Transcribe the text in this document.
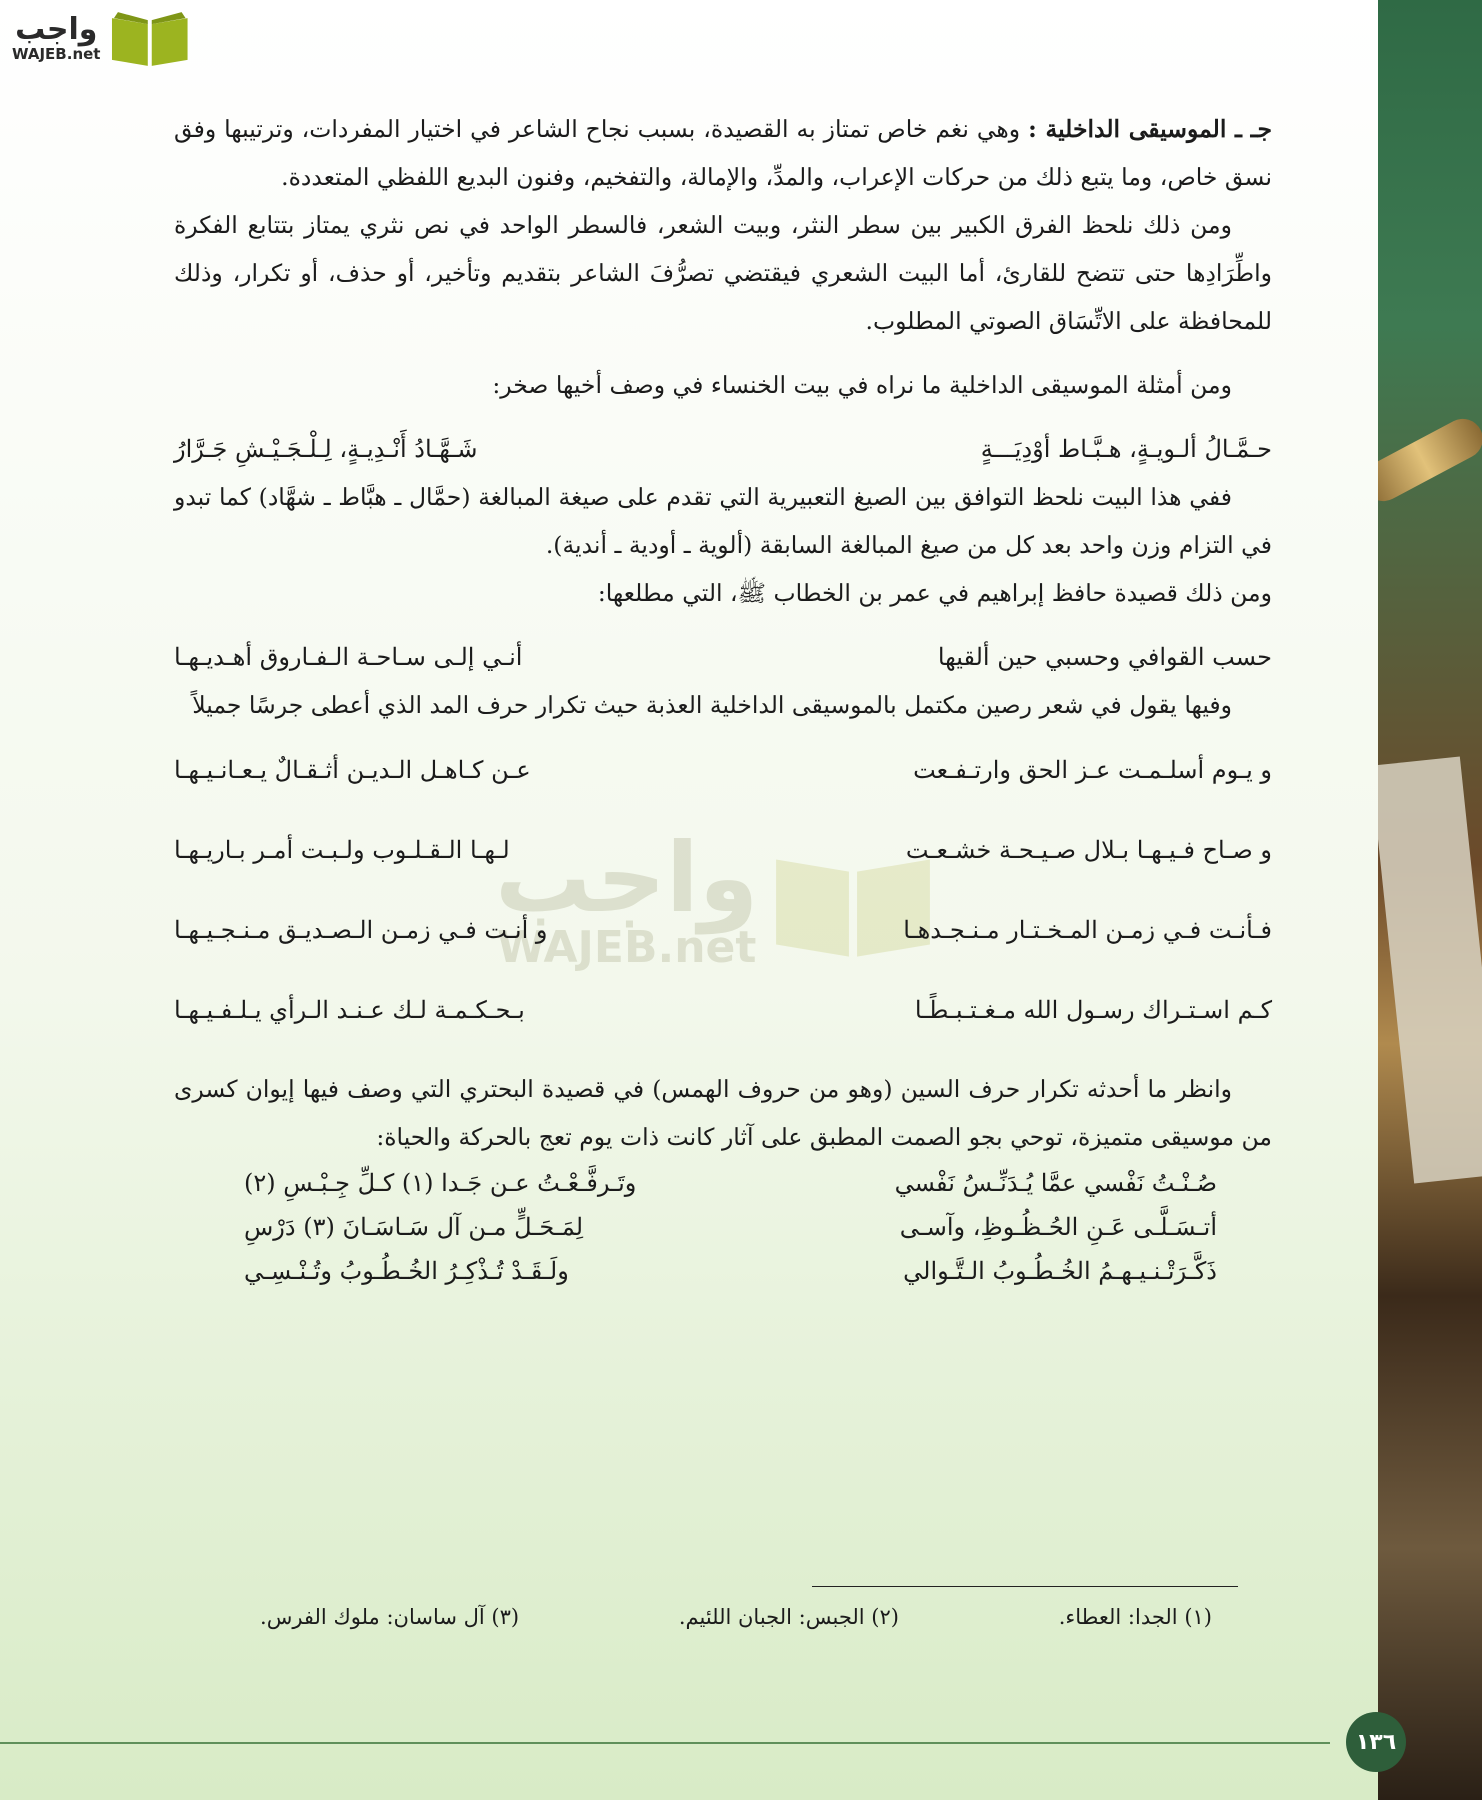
واجب
WAJEB.net
واجب
WAJEB.net

جـ ـ الموسيقى الداخلية : وهي نغم خاص تمتاز به القصيدة، بسبب نجاح الشاعر في اختيار المفردات، وترتيبها وفق نسق خاص، وما يتبع ذلك من حركات الإعراب، والمدِّ، والإمالة، والتفخيم، وفنون البديع اللفظي المتعددة.

ومن ذلك نلحظ الفرق الكبير بين سطر النثر، وبيت الشعر، فالسطر الواحد في نص نثري يمتاز بتتابع الفكرة واطِّرَادِها حتى تتضح للقارئ، أما البيت الشعري فيقتضي تصرُّفَ الشاعر بتقديم وتأخير، أو حذف، أو تكرار، وذلك للمحافظة على الاتِّسَاق الصوتي المطلوب.

ومن أمثلة الموسيقى الداخلية ما نراه في بيت الخنساء في وصف أخيها صخر:

حـمَّـالُ ألـويـةٍ، هـبَّـاط أوْدِيَـــةٍ
شَـهَّـادُ أَنْـدِيـةٍ، لِـلْـجَـيْـشِ جَـرَّارُ

ففي هذا البيت نلحظ التوافق بين الصيغ التعبيرية التي تقدم على صيغة المبالغة (حمَّال ـ هبَّاط ـ شهَّاد) كما تبدو في التزام وزن واحد بعد كل من صيغ المبالغة السابقة (ألوية ـ أودية ـ أندية).

ومن ذلك قصيدة حافظ إبراهيم في عمر بن الخطاب ﷺ، التي مطلعها:

حسب القوافي وحسبي حين ألقيها
أنـي إلـى سـاحـة الـفـاروق أهـديـهـا

وفيها يقول في شعر رصين مكتمل بالموسيقى الداخلية العذبة حيث تكرار حرف المد الذي أعطى جرسًا جميلاً

و يـوم أسلـمـت عـز الحق وارتـفـعت
عـن كـاهـل الـديـن أثـقـالٌ يـعـانـيـهـا
و صـاح فـيـهـا بـلال صـيـحـة خشـعـت
لـهـا الـقـلـوب ولـبـت أمـر بـاريـهـا
فـأنـت فـي زمـن المـخـتـار مـنـجـدهـا
و أنـت فـي زمـن الـصـديـق مـنـجـيـهـا
كـم اسـتـراك رسـول الله مـغـتـبـطًـا
بـحـكـمـة لـك عـنـد الـرأي يـلـفـيـهـا

وانظر ما أحدثه تكرار حرف السين (وهو من حروف الهمس) في قصيدة البحتري التي وصف فيها إيوان كسرى من موسيقى متميزة، توحي بجو الصمت المطبق على آثار كانت ذات يوم تعج بالحركة والحياة:

صُـنْـتُ نَفْسي عمَّا يُـدَنِّـسُ نَفْسي
وتَـرفَّـعْـتُ عـن جَـدا (١) كـلِّ جِـبْـسِ (٢)
أتـسَـلَّـى عَـنِ الحُـظُـوظِ، وآسـى
لِمَـحَـلٍّ مـن آل سَـاسَـانَ (٣) دَرْسِ
ذَكَّـرَتْـنـيـهـمُ الخُـطُـوبُ الـتَّـوالي
ولَـقَـدْ تُـذْكِـرُ الخُـطُـوبُ وتُـنْـسِـي
(١) الجدا: العطاء.
(٢) الجبس: الجبان اللئيم.
(٣) آل ساسان: ملوك الفرس.
١٣٦
